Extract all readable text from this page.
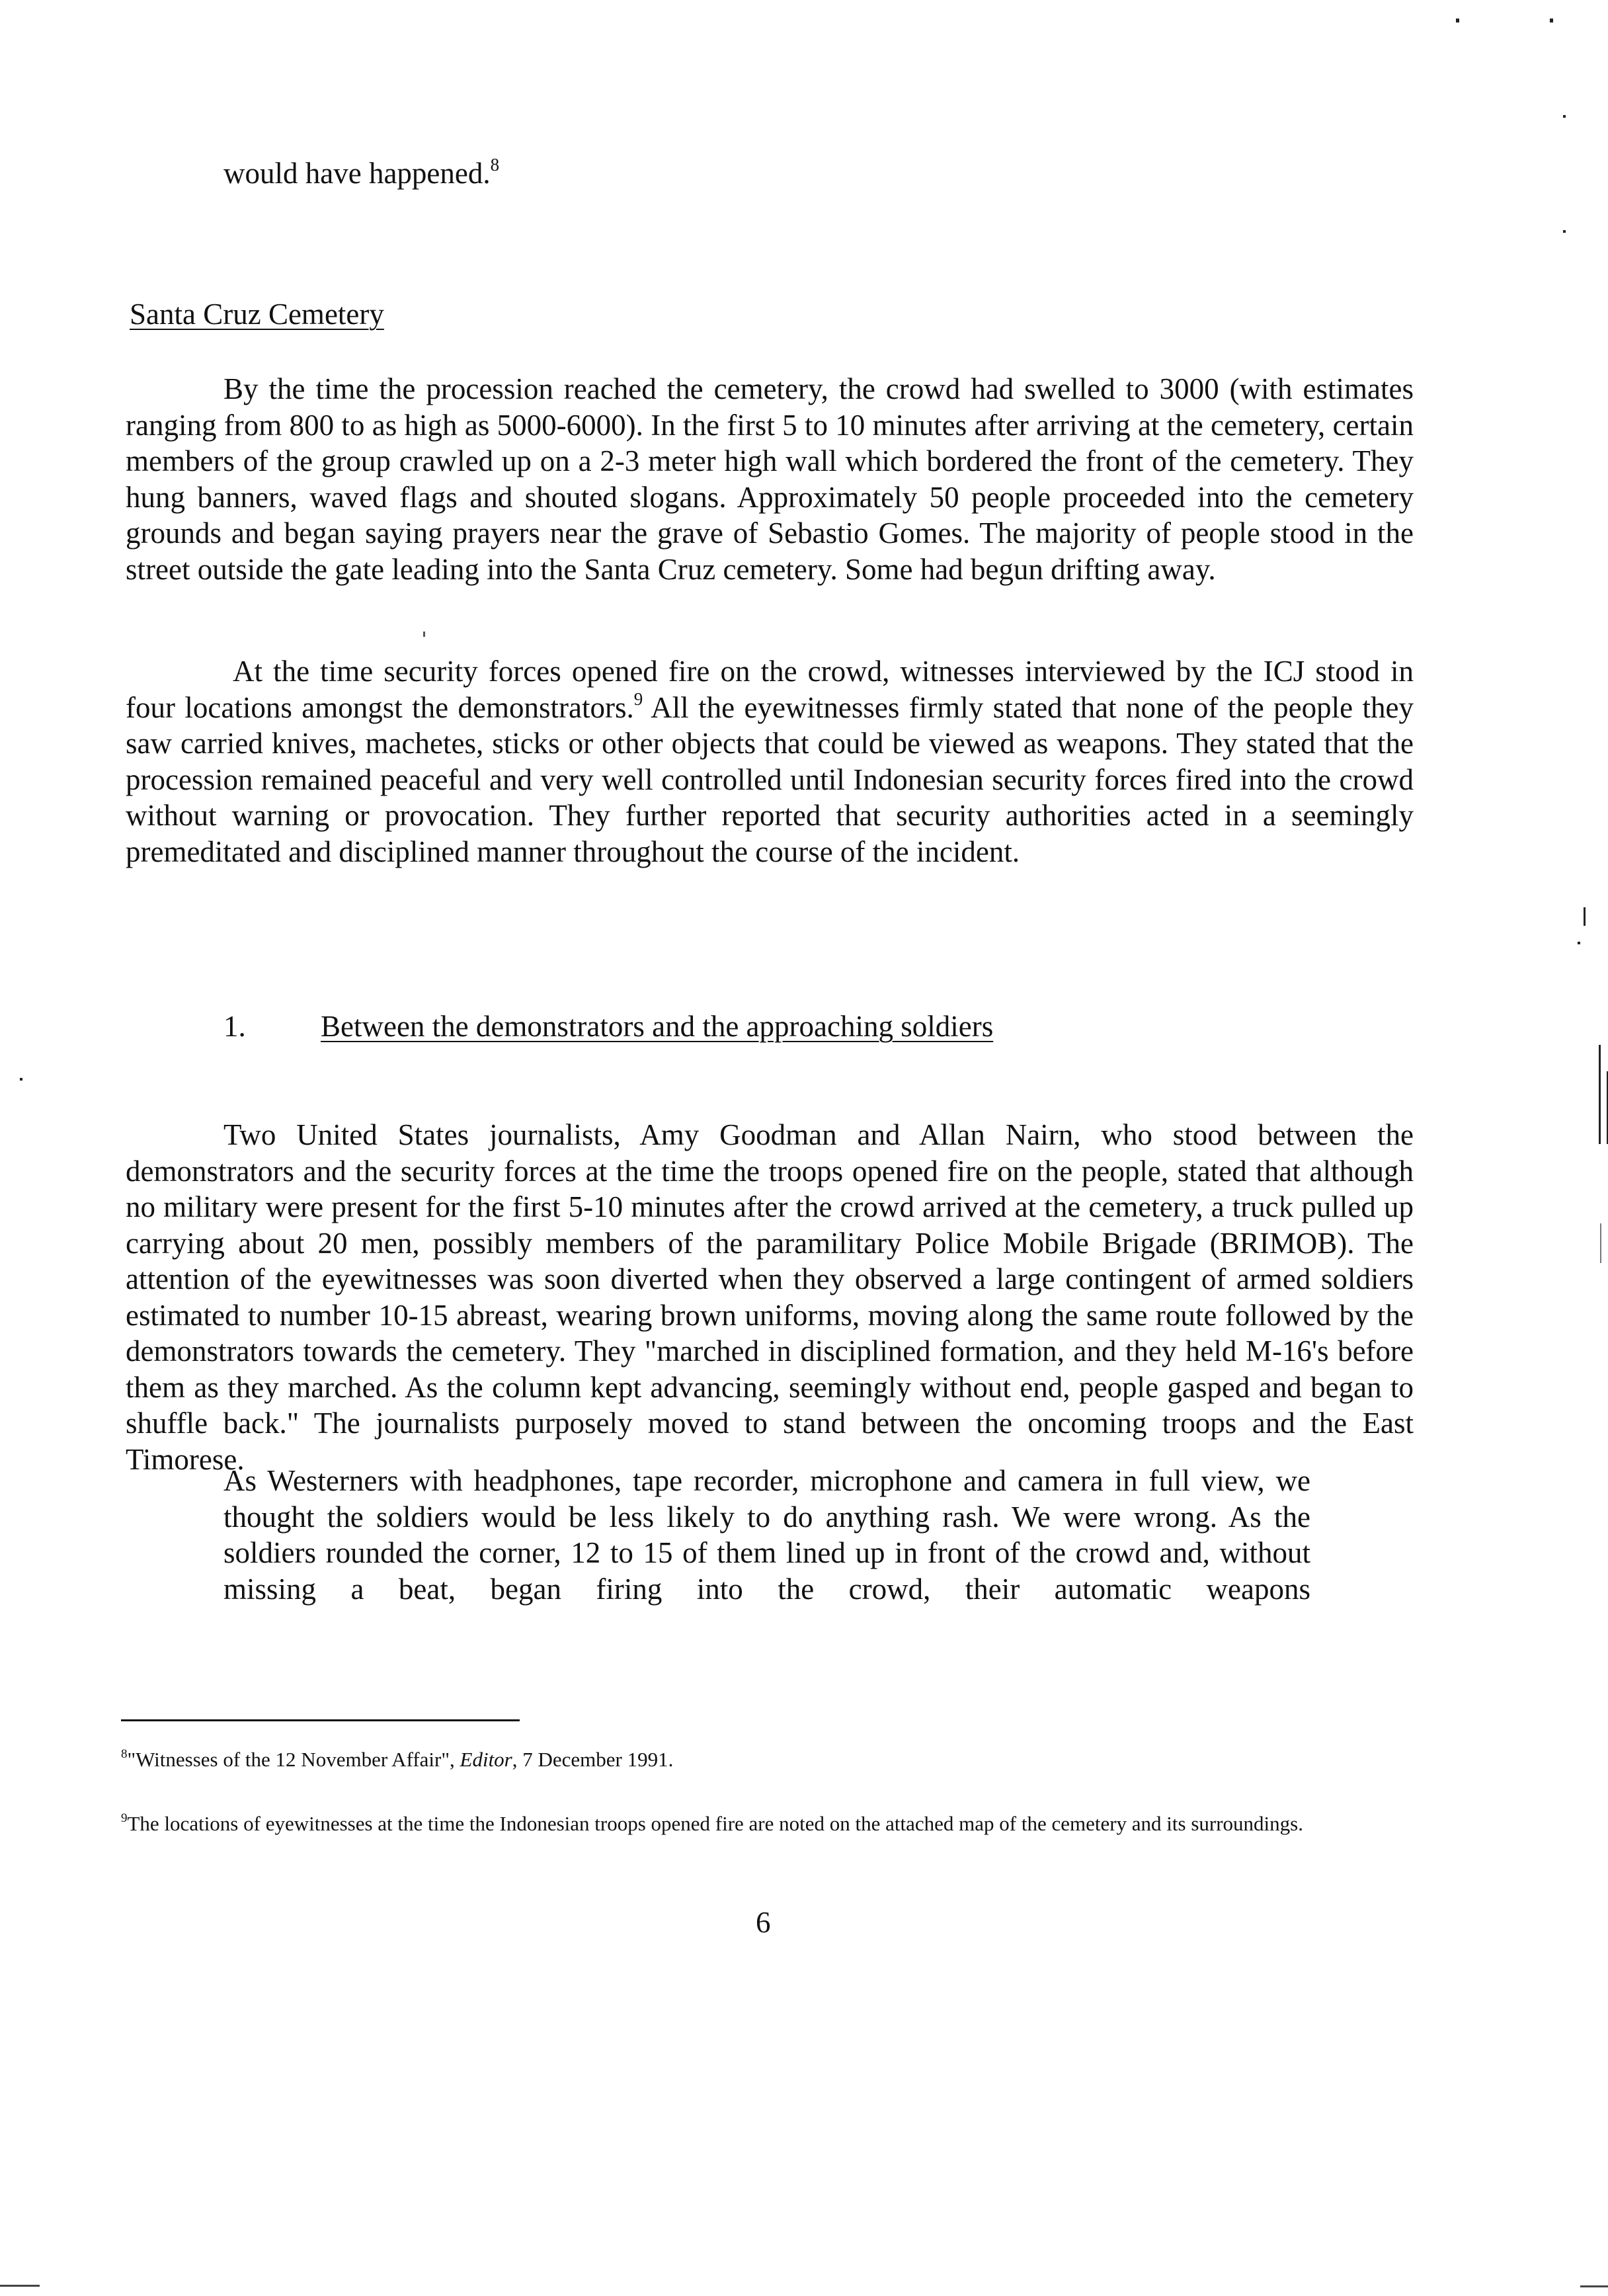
would have happened.$^8$

Santa Cruz Cemetery

By the time the procession reached the cemetery, the crowd had swelled to 3000 (with estimates ranging from 800 to as high as 5000-6000). In the first 5 to 10 minutes after arriving at the cemetery, certain members of the group crawled up on a 2-3 meter high wall which bordered the front of the cemetery. They hung banners, waved flags and shouted slogans. Approximately 50 people proceeded into the cemetery grounds and began saying prayers near the grave of Sebastio Gomes. The majority of people stood in the street outside the gate leading into the Santa Cruz cemetery. Some had begun drifting away.

At the time security forces opened fire on the crowd, witnesses interviewed by the ICJ stood in four locations amongst the demonstrators.$^9$ All the eyewitnesses firmly stated that none of the people they saw carried knives, machetes, sticks or other objects that could be viewed as weapons. They stated that the procession remained peaceful and very well controlled until Indonesian security forces fired into the crowd without warning or provocation. They further reported that security authorities acted in a seemingly premeditated and disciplined manner throughout the course of the incident.

1.	Between the demonstrators and the approaching soldiers

Two United States journalists, Amy Goodman and Allan Nairn, who stood between the demonstrators and the security forces at the time the troops opened fire on the people, stated that although no military were present for the first 5-10 minutes after the crowd arrived at the cemetery, a truck pulled up carrying about 20 men, possibly members of the paramilitary Police Mobile Brigade (BRIMOB). The attention of the eyewitnesses was soon diverted when they observed a large contingent of armed soldiers estimated to number 10-15 abreast, wearing brown uniforms, moving along the same route followed by the demonstrators towards the cemetery. They "marched in disciplined formation, and they held M-16's before them as they marched. As the column kept advancing, seemingly without end, people gasped and began to shuffle back." The journalists purposely moved to stand between the oncoming troops and the East Timorese.

As Westerners with headphones, tape recorder, microphone and camera in full view, we thought the soldiers would be less likely to do anything rash. We were wrong. As the soldiers rounded the corner, 12 to 15 of them lined up in front of the crowd and, without missing a beat, began firing into the crowd, their automatic weapons

$^8$"Witnesses of the 12 November Affair", Editor, 7 December 1991.

$^9$The locations of eyewitnesses at the time the Indonesian troops opened fire are noted on the attached map of the cemetery and its surroundings.

6
